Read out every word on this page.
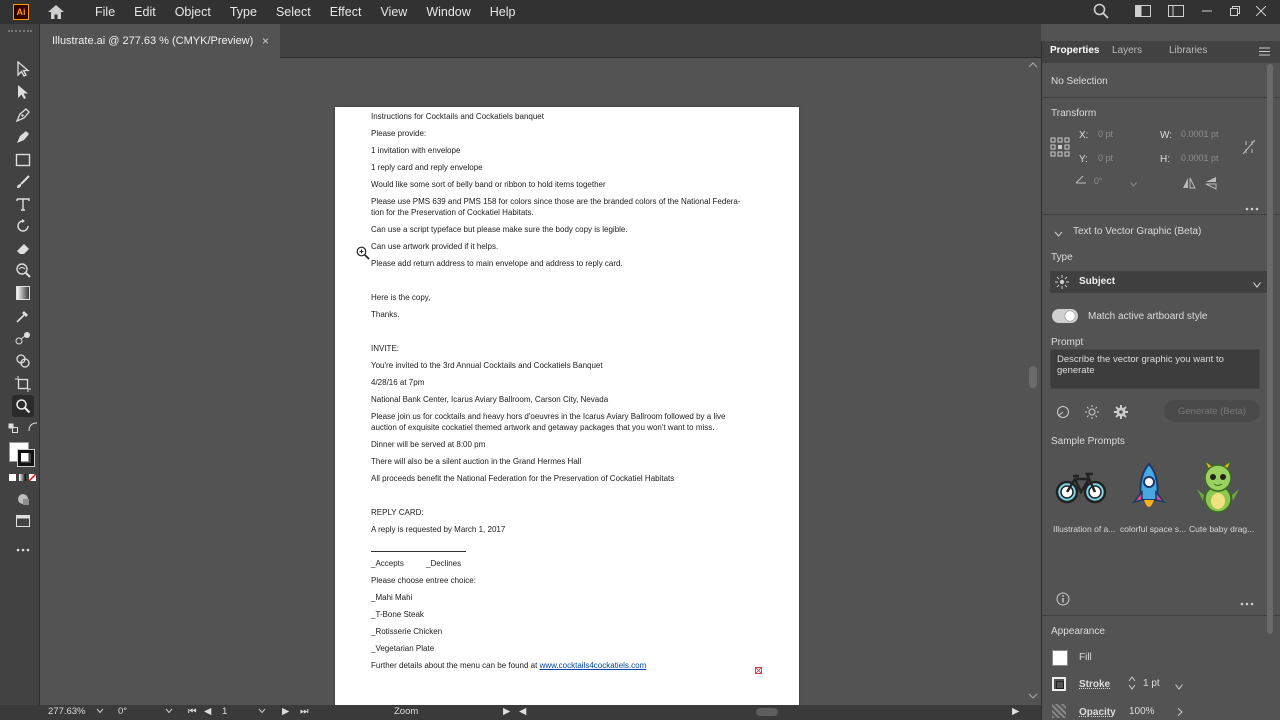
Ai	File Edit Object Type Select Effect View Window Help
Illustrate.ai @ 277.63 % (CMYK/Preview) ×
Instructions for Cocktails and Cockatiels banquet
Please provide:
1 invitation with envelope
1 reply card and reply envelope
Would like some sort of belly band or ribbon to hold items together
Please use PMS 639 and PMS 158 for colors since those are the branded colors of the National Federa-
tion for the Preservation of Cockatiel Habitats.
Can use a script typeface but please make sure the body copy is legible.
Can use artwork provided if it helps.
Please add return address to main envelope and address to reply card.
Here is the copy,
Thanks.
INVITE:
You're invited to the 3rd Annual Cocktails and Cockatiels Banquet
4/28/16 at 7pm
National Bank Center, Icarus Aviary Ballroom, Carson City, Nevada
Please join us for cocktails and heavy hors d'oeuvres in the Icarus Aviary Ballroom followed by a live
auction of exquisite cockatiel themed artwork and getaway packages that you won't want to miss.
Dinner will be served at 8:00 pm
There will also be a silent auction in the Grand Hermes Hall
All proceeds benefit the National Federation for the Preservation of Cockatiel Habitats
REPLY CARD:
A reply is requested by March 1, 2017
_Accepts	_Declines
Please choose entree choice:
_Mahi Mahi
_T-Bone Steak
_Rotisserie Chicken
_Vegetarian Plate
Further details about the menu can be found at www.cocktails4cockatiels.com
277.63%	0°	⏮ ◀ 1	▶ ⏭	Zoom	▶ ◀	▶
Properties Layers	Libraries
No Selection
Transform
X: 0 pt	W: 0.0001 pt
Y: 0 pt	H: 0.0001 pt
0°
Text to Vector Graphic (Beta)
Type
Subject
Match active artboard style
Prompt
Describe the vector graphic you want to generate
Generate (Beta)
Sample Prompts
Illustration of a... colorful space s... Cute baby drag...
Appearance
Fill
Stroke	1 pt
Opacity 100%
